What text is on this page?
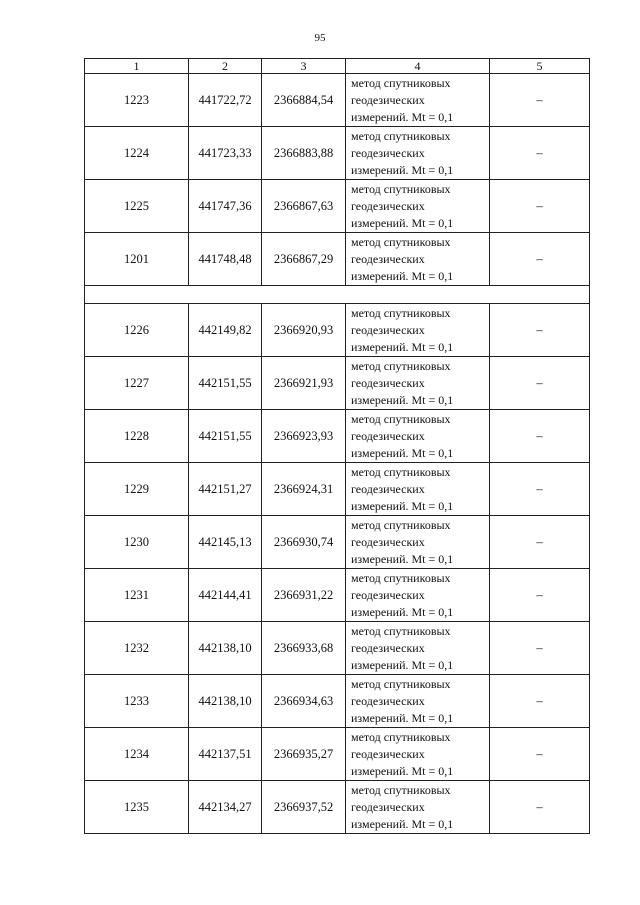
95
1	2	3	4	5
1223	441722,72	2366884,54	метод спутниковых
геодезических
измерений. Mt = 0,1	–
1224	441723,33	2366883,88	метод спутниковых
геодезических
измерений. Mt = 0,1	–
1225	441747,36	2366867,63	метод спутниковых
геодезических
измерений. Mt = 0,1	–
1201	441748,48	2366867,29	метод спутниковых
геодезических
измерений. Mt = 0,1	–

1226	442149,82	2366920,93	метод спутниковых
геодезических
измерений. Mt = 0,1	–
1227	442151,55	2366921,93	метод спутниковых
геодезических
измерений. Mt = 0,1	–
1228	442151,55	2366923,93	метод спутниковых
геодезических
измерений. Mt = 0,1	–
1229	442151,27	2366924,31	метод спутниковых
геодезических
измерений. Mt = 0,1	–
1230	442145,13	2366930,74	метод спутниковых
геодезических
измерений. Mt = 0,1	–
1231	442144,41	2366931,22	метод спутниковых
геодезических
измерений. Mt = 0,1	–
1232	442138,10	2366933,68	метод спутниковых
геодезических
измерений. Mt = 0,1	–
1233	442138,10	2366934,63	метод спутниковых
геодезических
измерений. Mt = 0,1	–
1234	442137,51	2366935,27	метод спутниковых
геодезических
измерений. Mt = 0,1	–
1235	442134,27	2366937,52	метод спутниковых
геодезических
измерений. Mt = 0,1	–
